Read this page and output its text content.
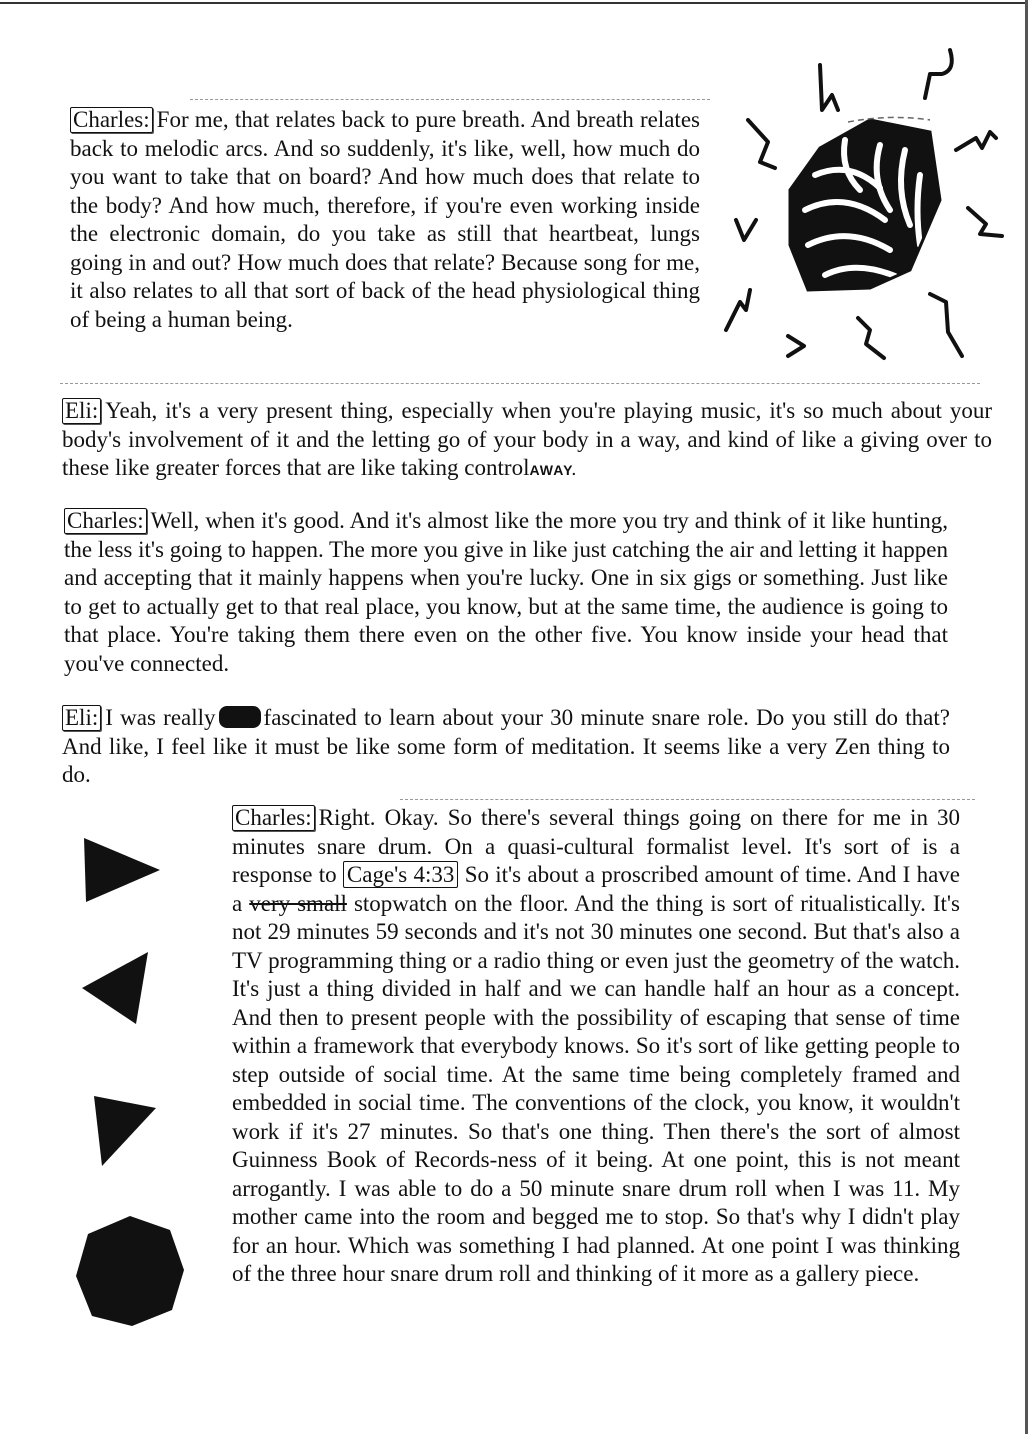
Charles: For me, that relates back to pure breath. And breath relates back to melodic arcs. And so suddenly, it's like, well, how much do you want to take that on board? And how much does that relate to the body? And how much, therefore, if you're even working inside the electronic domain, do you take as still that heartbeat, lungs going in and out? How much does that relate? Because song for me, it also relates to all that sort of back of the head physiological thing of being a human being.

Eli: Yeah, it's a very present thing, especially when you're playing music, it's so much about your body's involvement of it and the letting go of your body in a way, and kind of like a giving over to these like greater forces that are like taking controlAWAY.

Charles: Well, when it's good. And it's almost like the more you try and think of it like hunting, the less it's going to happen. The more you give in like just catching the air and letting it happen and accepting that it mainly happens when you're lucky. One in six gigs or something. Just like to get to actually get to that real place, you know, but at the same time, the audience is going to that place. You're taking them there even on the other five. You know inside your head that you've connected.

Eli: I was really fascinated to learn about your 30 minute snare role. Do you still do that? And like, I feel like it must be like some form of meditation. It seems like a very Zen thing to do.

Charles: Right. Okay. So there's several things going on there for me in 30 minutes snare drum. On a quasi-cultural formalist level. It's sort of is a response to Cage's 4:33 So it's about a proscribed amount of time. And I have a very small stopwatch on the floor. And the thing is sort of ritualistically. It's not 29 minutes 59 seconds and it's not 30 minutes one second. But that's also a TV programming thing or a radio thing or even just the geometry of the watch. It's just a thing divided in half and we can handle half an hour as a concept. And then to present people with the possibility of escaping that sense of time within a framework that everybody knows. So it's sort of like getting people to step outside of social time. At the same time being completely framed and embedded in social time. The conventions of the clock, you know, it wouldn't work if it's 27 minutes. So that's one thing. Then there's the sort of almost Guinness Book of Records-ness of it being. At one point, this is not meant arrogantly. I was able to do a 50 minute snare drum roll when I was 11. My mother came into the room and begged me to stop. So that's why I didn't play for an hour. Which was something I had planned. At one point I was thinking of the three hour snare drum roll and thinking of it more as a gallery piece.
